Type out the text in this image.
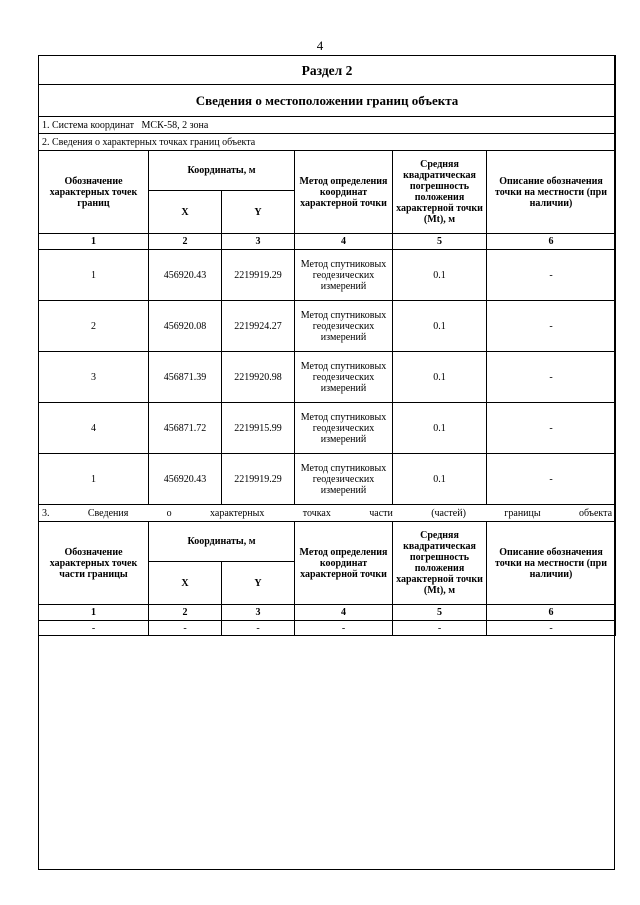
4
Раздел 2					
Сведения о местоположении границ объекта					
1. Система координат   МСК-58, 2 зона					
2. Сведения о характерных точках границ объекта					
Обозначение характерных точек границ	Координаты, м		Метод определения координат характерной точки	Средняя квадратическая погрешность положения характерной точки (Mt), м	Описание обозначения точки на местности (при наличии)
	X	Y			
1	2	3	4	5	6
1	456920.43	2219919.29	Метод спутниковых геодезических измерений	0.1	-
2	456920.08	2219924.27	Метод спутниковых геодезических измерений	0.1	-
3	456871.39	2219920.98	Метод спутниковых геодезических измерений	0.1	-
4	456871.72	2219915.99	Метод спутниковых геодезических измерений	0.1	-
1	456920.43	2219919.29	Метод спутниковых геодезических измерений	0.1	-
3. Сведения о характерных точках части (частей) границы объекта					
Обозначение характерных точек части границы	Координаты, м		Метод определения координат характерной точки	Средняя квадратическая погрешность положения характерной точки (Mt), м	Описание обозначения точки на местности (при наличии)
	X	Y			
1	2	3	4	5	6
-	-	-	-	-	-
